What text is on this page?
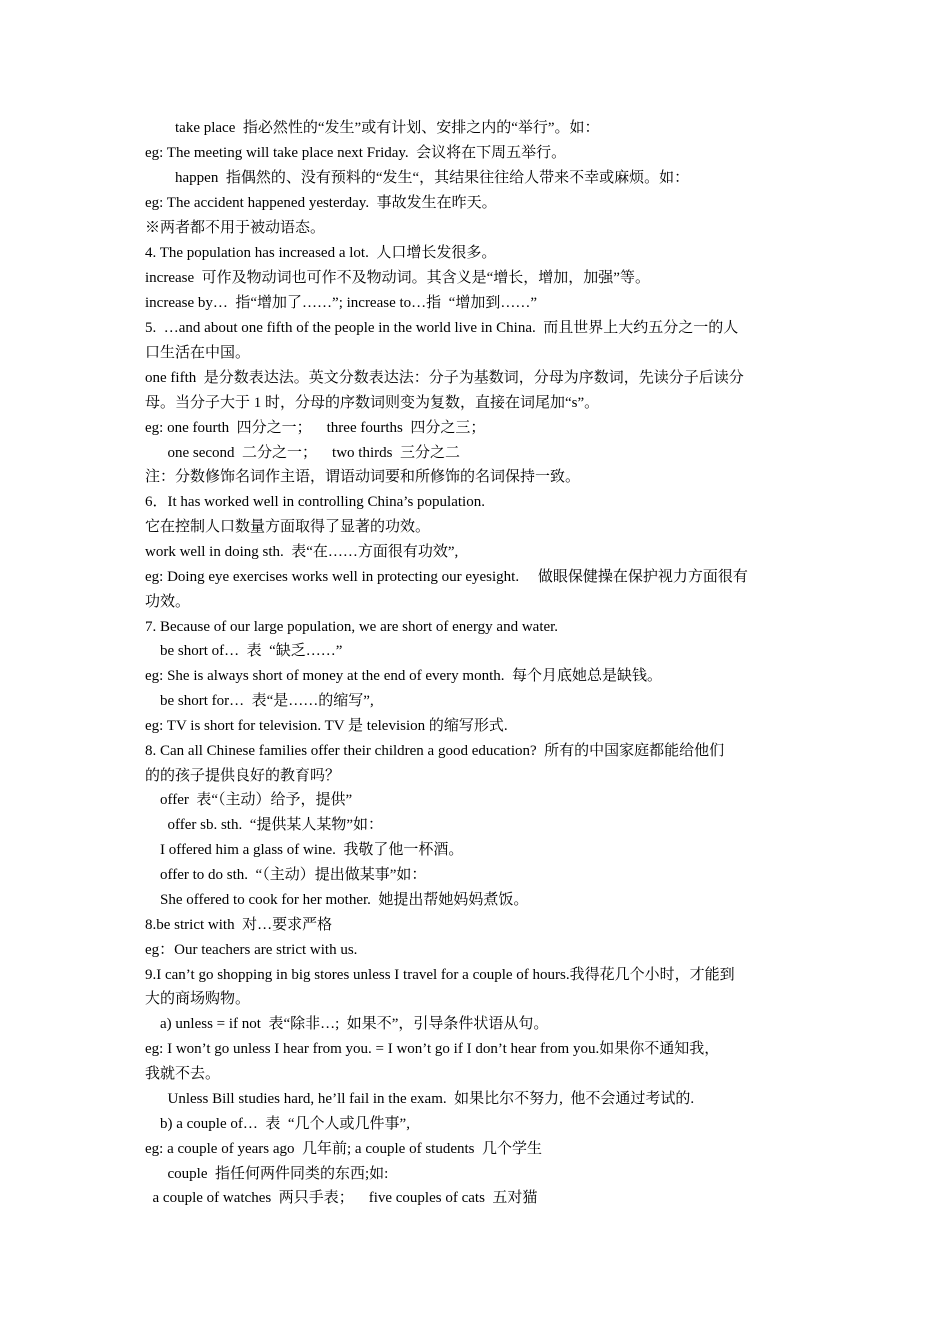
take place  指必然性的“发生”或有计划、安排之内的“举行”。如：
eg: The meeting will take place next Friday.  会议将在下周五举行。
happen  指偶然的、没有预料的“发生“，其结果往往给人带来不幸或麻烦。如：
eg: The accident happened yesterday.  事故发生在昨天。
※两者都不用于被动语态。
4. The population has increased a lot.  人口增长发很多。
increase  可作及物动词也可作不及物动词。其含义是“增长，增加，加强”等。
increase by…  指“增加了……”; increase to…指  “增加到……”
5.  …and about one fifth of the people in the world live in China.  而且世界上大约五分之一的人
口生活在中国。
one fifth  是分数表达法。英文分数表达法：分子为基数词，分母为序数词，先读分子后读分
母。当分子大于 1 时，分母的序数词则变为复数，直接在词尾加“s”。
eg: one fourth  四分之一；    three fourths  四分之三；
one second  二分之一；    two thirds  三分之二
注：分数修饰名词作主语，谓语动词要和所修饰的名词保持一致。
6．It has worked well in controlling China’s population.
它在控制人口数量方面取得了显著的功效。
work well in doing sth.  表“在……方面很有功效”,
eg: Doing eye exercises works well in protecting our eyesight.     做眼保健操在保护视力方面很有
功效。
7. Because of our large population, we are short of energy and water.
be short of…  表  “缺乏……”
eg: She is always short of money at the end of every month.  每个月底她总是缺钱。
be short for…  表“是……的缩写”,
eg: TV is short for television. TV 是 television 的缩写形式.
8. Can all Chinese families offer their children a good education?  所有的中国家庭都能给他们
的的孩子提供良好的教育吗？
offer  表“（主动）给予，提供”
offer sb. sth.  “提供某人某物”如：
I offered him a glass of wine.  我敬了他一杯酒。
offer to do sth.  “（主动）提出做某事”如：
She offered to cook for her mother.  她提出帮她妈妈煮饭。
8.be strict with  对…要求严格
eg：Our teachers are strict with us.
9.I can’t go shopping in big stores unless I travel for a couple of hours.我得花几个小时，才能到
大的商场购物。
a) unless = if not  表“除非…;  如果不”，引导条件状语从句。
eg: I won’t go unless I hear from you. = I won’t go if I don’t hear from you.如果你不通知我，
我就不去。
Unless Bill studies hard, he’ll fail in the exam.  如果比尔不努力,  他不会通过考试的.
b) a couple of…  表  “几个人或几件事”,
eg: a couple of years ago  几年前; a couple of students  几个学生
couple  指任何两件同类的东西;如:
a couple of watches  两只手表；    five couples of cats  五对猫
